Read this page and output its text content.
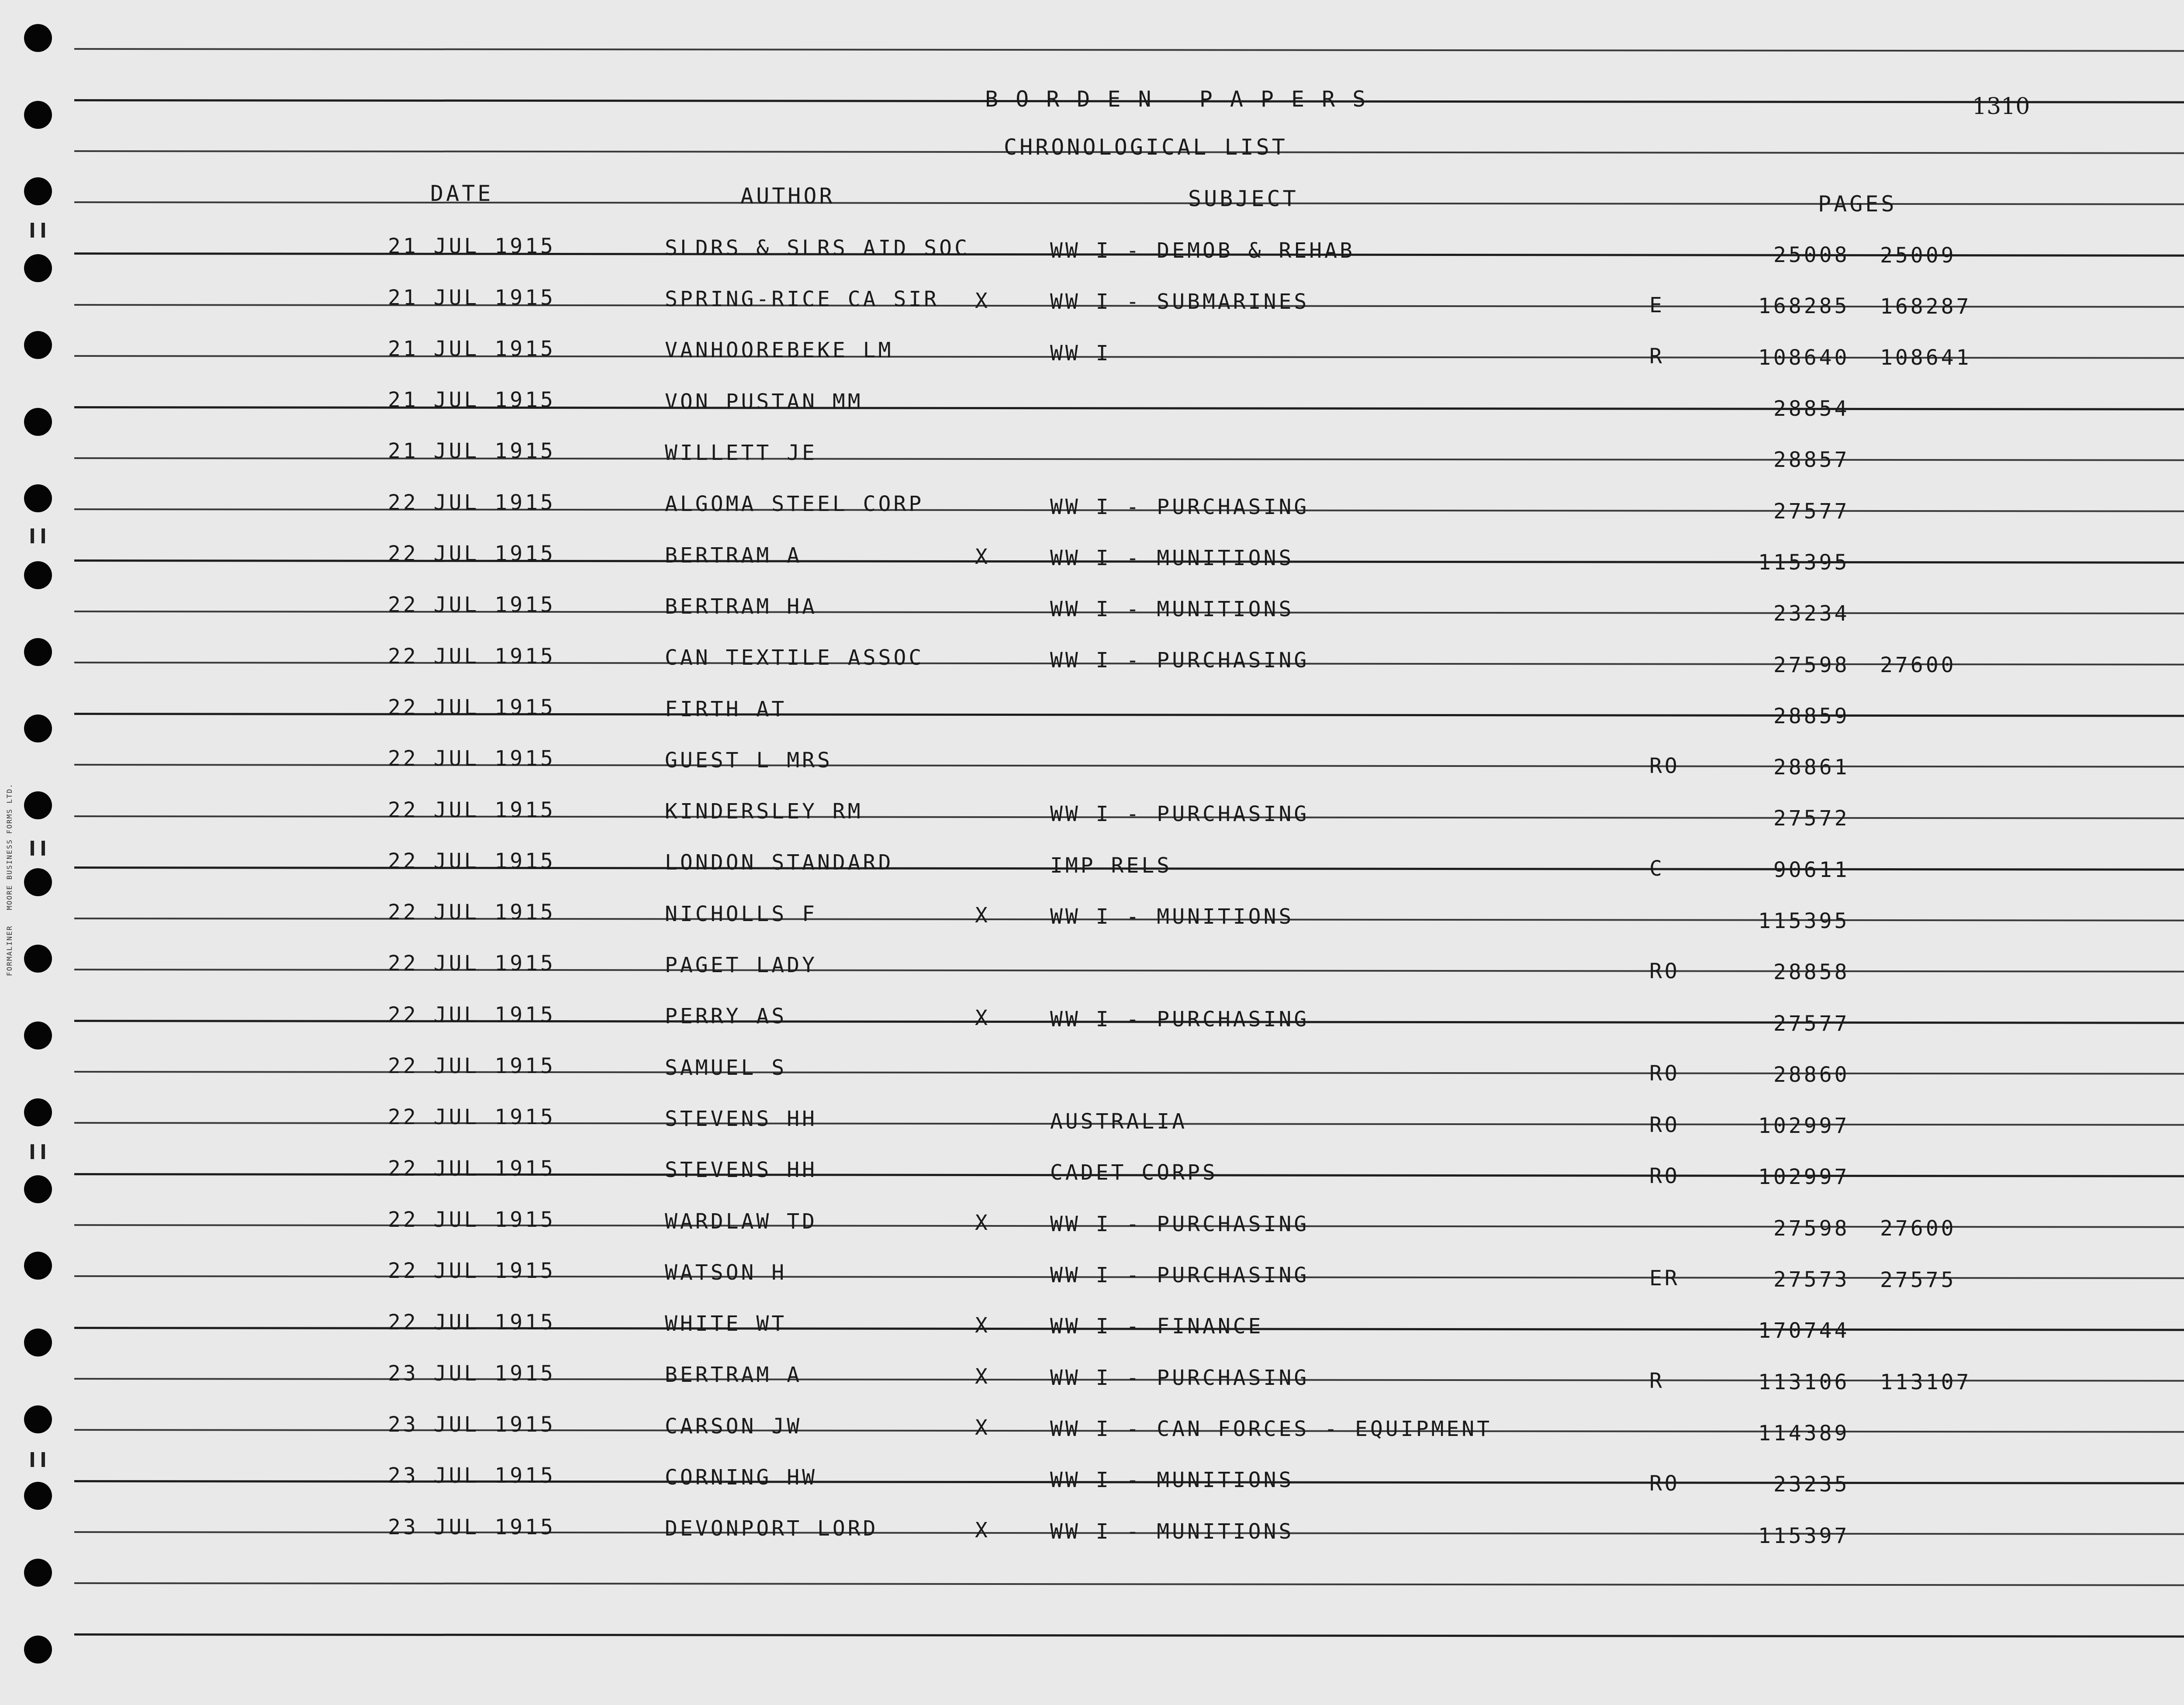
BORDEN PAPERS	1310
CHRONOLOGICAL LIST
DATE	AUTHOR	SUBJECT	PAGES
21 JUL 1915	SLDRS & SLRS AID SOC	WW I - DEMOB & REHAB	25008 25009
21 JUL 1915	SPRING-RICE CA SIR X	WW I - SUBMARINES	E	168285 168287
21 JUL 1915	VANHOOREBEKE LM	WW I	R	108640 108641
21 JUL 1915	VON PUSTAN MM	28854
21 JUL 1915	WILLETT JE	28857
22 JUL 1915	ALGOMA STEEL CORP	WW I - PURCHASING	27577
22 JUL 1915	BERTRAM A	X	WW I - MUNITIONS	115395
22 JUL 1915	BERTRAM HA	WW I - MUNITIONS	23234
22 JUL 1915	CAN TEXTILE ASSOC	WW I - PURCHASING	27598 27600
22 JUL 1915	FIRTH AT	28859
22 JUL 1915	GUEST L MRS	RO	28861
22 JUL 1915	KINDERSLEY RM	WW I - PURCHASING	27572
22 JUL 1915	LONDON STANDARD	IMP RELS	C	90611
22 JUL 1915	NICHOLLS F	X	WW I - MUNITIONS	115395
22 JUL 1915	PAGET LADY	RO	28858
22 JUL 1915	PERRY AS	X	WW I - PURCHASING	27577
22 JUL 1915	SAMUEL S	RO	28860
22 JUL 1915	STEVENS HH	AUSTRALIA	RO	102997
22 JUL 1915	STEVENS HH	CADET CORPS	RO	102997
22 JUL 1915	WARDLAW TD	X	WW I - PURCHASING	27598 27600
22 JUL 1915	WATSON H	WW I - PURCHASING	ER	27573 27575
22 JUL 1915	WHITE WT	X	WW I - FINANCE	170744
23 JUL 1915	BERTRAM A	X	WW I - PURCHASING	R	113106 113107
23 JUL 1915	CARSON JW	X	WW I - CAN FORCES - EQUIPMENT	114389
23 JUL 1915	CORNING HW	WW I - MUNITIONS	RO	23235
23 JUL 1915	DEVONPORT LORD	X	WW I - MUNITIONS	115397
FORMALINER   MOORE BUSINESS FORMS LTD.
